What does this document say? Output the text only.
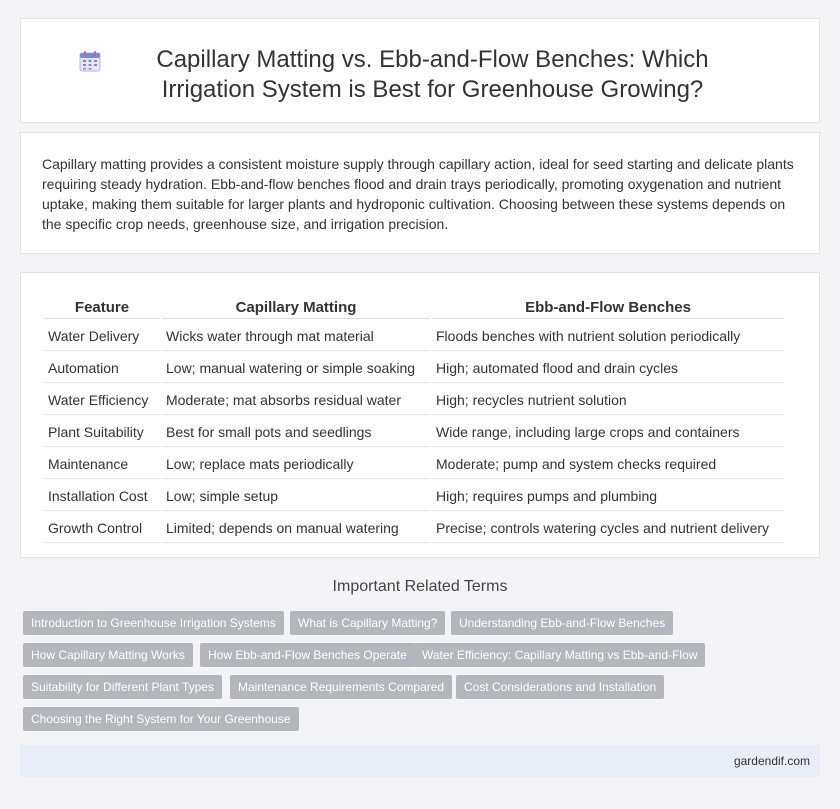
Capillary Matting vs. Ebb-and-Flow Benches: Which Irrigation System is Best for Greenhouse Growing?

Capillary matting provides a consistent moisture supply through capillary action, ideal for seed starting and delicate plants requiring steady hydration. Ebb-and-flow benches flood and drain trays periodically, promoting oxygenation and nutrient uptake, making them suitable for larger plants and hydroponic cultivation. Choosing between these systems depends on the specific crop needs, greenhouse size, and irrigation precision.

Feature	Capillary Matting	Ebb-and-Flow Benches
Water Delivery	Wicks water through mat material	Floods benches with nutrient solution periodically
Automation	Low; manual watering or simple soaking	High; automated flood and drain cycles
Water Efficiency	Moderate; mat absorbs residual water	High; recycles nutrient solution
Plant Suitability	Best for small pots and seedlings	Wide range, including large crops and containers
Maintenance	Low; replace mats periodically	Moderate; pump and system checks required
Installation Cost	Low; simple setup	High; requires pumps and plumbing
Growth Control	Limited; depends on manual watering	Precise; controls watering cycles and nutrient delivery
Important Related Terms
Introduction to Greenhouse Irrigation Systems	What is Capillary Matting?	Understanding Ebb-and-Flow Benches
How Capillary Matting Works	How Ebb-and-Flow Benches Operate	Water Efficiency: Capillary Matting vs Ebb-and-Flow
Suitability for Different Plant Types	Maintenance Requirements Compared	Cost Considerations and Installation
Choosing the Right System for Your Greenhouse
gardendif.com
